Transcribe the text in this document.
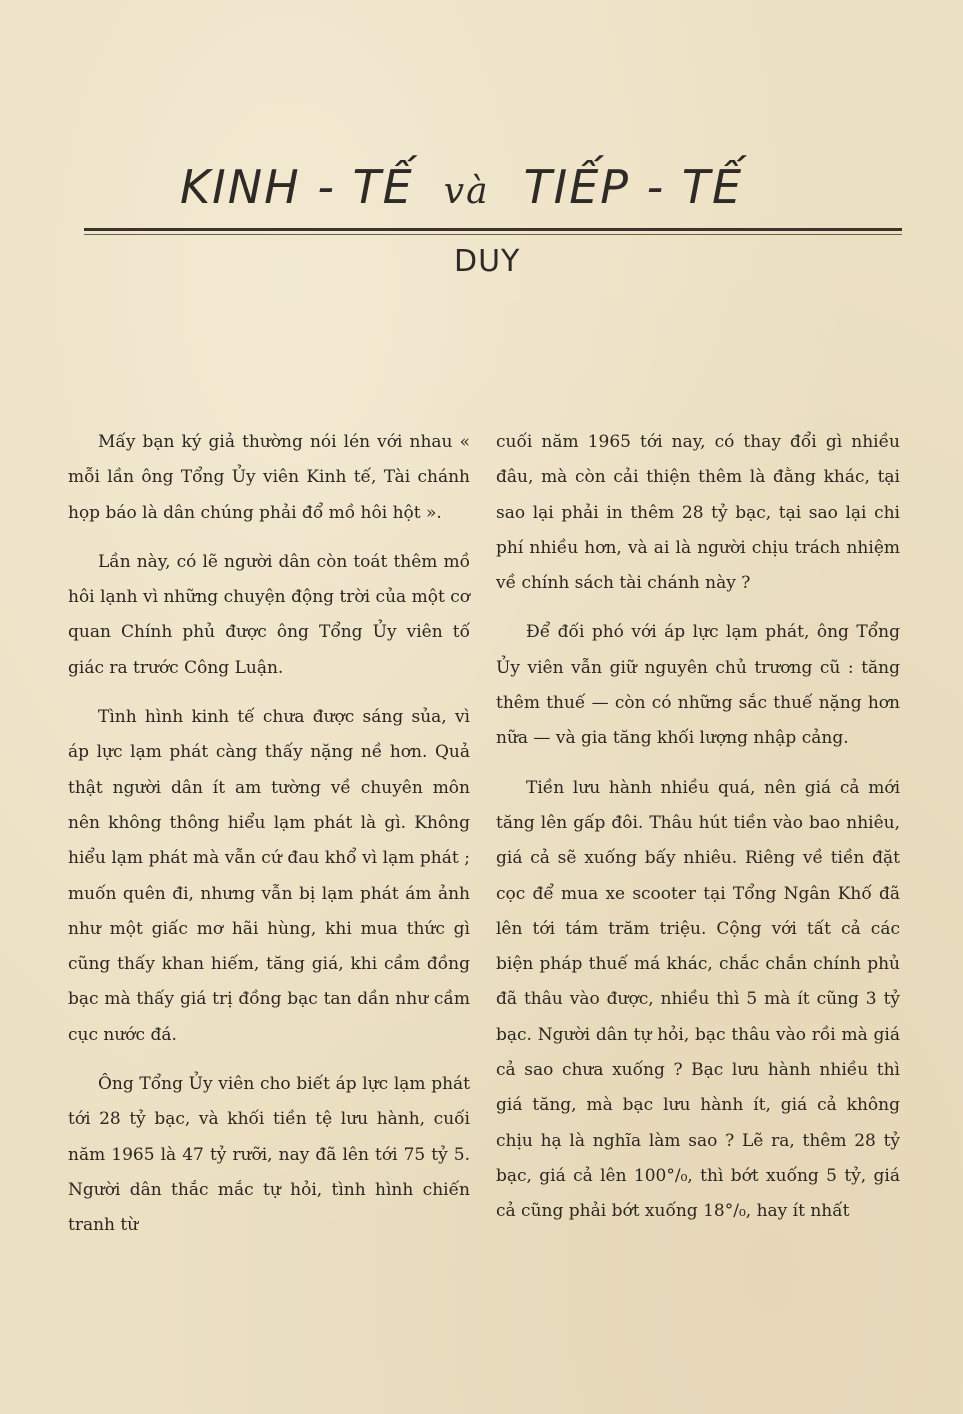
KINH - TẾ và TIẾP - TẾ
DUY

Mấy bạn ký giả thường nói lén với nhau « mỗi lần ông Tổng Ủy viên Kinh tế, Tài chánh họp báo là dân chúng phải đổ mồ hôi hột ».

Lần này, có lẽ người dân còn toát thêm mồ hôi lạnh vì những chuyện động trời của một cơ quan Chính phủ được ông Tổng Ủy viên tố giác ra trước Công Luận.

Tình hình kinh tế chưa được sáng sủa, vì áp lực lạm phát càng thấy nặng nề hơn. Quả thật người dân ít am tường về chuyên môn nên không thông hiểu lạm phát là gì. Không hiểu lạm phát mà vẫn cứ đau khổ vì lạm phát ; muốn quên đi, nhưng vẫn bị lạm phát ám ảnh như một giấc mơ hãi hùng, khi mua thức gì cũng thấy khan hiếm, tăng giá, khi cầm đồng bạc mà thấy giá trị đồng bạc tan dần như cầm cục nước đá.

Ông Tổng Ủy viên cho biết áp lực lạm phát tới 28 tỷ bạc, và khối tiền tệ lưu hành, cuối năm 1965 là 47 tỷ rưỡi, nay đã lên tới 75 tỷ 5. Người dân thắc mắc tự hỏi, tình hình chiến tranh từ

cuối năm 1965 tới nay, có thay đổi gì nhiều đâu, mà còn cải thiện thêm là đằng khác, tại sao lại phải in thêm 28 tỷ bạc, tại sao lại chi phí nhiều hơn, và ai là người chịu trách nhiệm về chính sách tài chánh này ?

Để đối phó với áp lực lạm phát, ông Tổng Ủy viên vẫn giữ nguyên chủ trương cũ : tăng thêm thuế — còn có những sắc thuế nặng hơn nữa — và gia tăng khối lượng nhập cảng.

Tiền lưu hành nhiều quá, nên giá cả mới tăng lên gấp đôi. Thâu hút tiền vào bao nhiêu, giá cả sẽ xuống bấy nhiêu. Riêng về tiền đặt cọc để mua xe scooter tại Tổng Ngân Khố đã lên tới tám trăm triệu. Cộng với tất cả các biện pháp thuế má khác, chắc chắn chính phủ đã thâu vào được, nhiều thì 5 mà ít cũng 3 tỷ bạc. Người dân tự hỏi, bạc thâu vào rồi mà giá cả sao chưa xuống ? Bạc lưu hành nhiều thì giá tăng, mà bạc lưu hành ít, giá cả không chịu hạ là nghĩa làm sao ? Lẽ ra, thêm 28 tỷ bạc, giá cả lên 100°/₀, thì bớt xuống 5 tỷ, giá cả cũng phải bớt xuống 18°/₀, hay ít nhất
